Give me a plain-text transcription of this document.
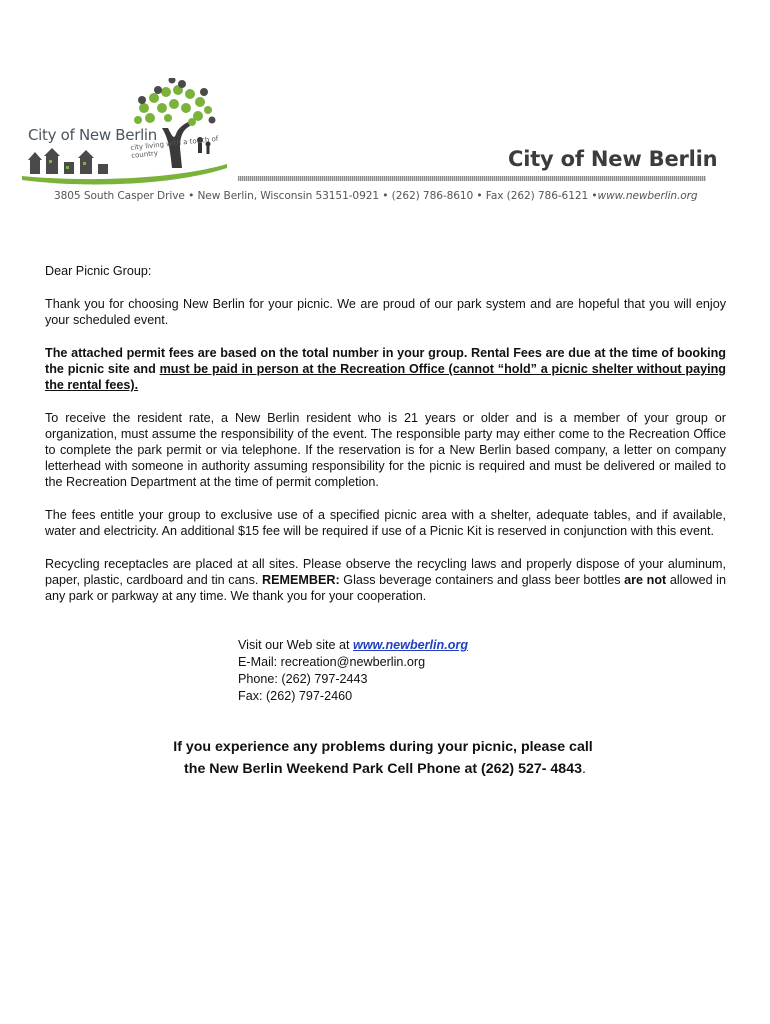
City of New Berlin
city living with a touch of country	City of New Berlin
3805 South Casper Drive • New Berlin, Wisconsin 53151-0921 • (262) 786-8610 • Fax (262) 786-6121 •www.newberlin.org

Dear Picnic Group:

Thank you for choosing New Berlin for your picnic. We are proud of our park system and are hopeful that you will enjoy your scheduled event.

The attached permit fees are based on the total number in your group. Rental Fees are due at the time of booking the picnic site and must be paid in person at the Recreation Office (cannot “hold” a picnic shelter without paying the rental fees).

To receive the resident rate, a New Berlin resident who is 21 years or older and is a member of your group or organization, must assume the responsibility of the event. The responsible party may either come to the Recreation Office to complete the park permit or via telephone. If the reservation is for a New Berlin based company, a letter on company letterhead with someone in authority assuming responsibility for the picnic is required and must be delivered or mailed to the Recreation Department at the time of permit completion.

The fees entitle your group to exclusive use of a specified picnic area with a shelter, adequate tables, and if available, water and electricity. An additional $15 fee will be required if use of a Picnic Kit is reserved in conjunction with this event.

Recycling receptacles are placed at all sites. Please observe the recycling laws and properly dispose of your aluminum, paper, plastic, cardboard and tin cans. REMEMBER: Glass beverage containers and glass beer bottles are not allowed in any park or parkway at any time. We thank you for your cooperation.

Visit our Web site at www.newberlin.org
E-Mail: recreation@newberlin.org
Phone: (262) 797-2443
Fax: (262) 797-2460
If you experience any problems during your picnic, please call
the New Berlin Weekend Park Cell Phone at (262) 527- 4843.
